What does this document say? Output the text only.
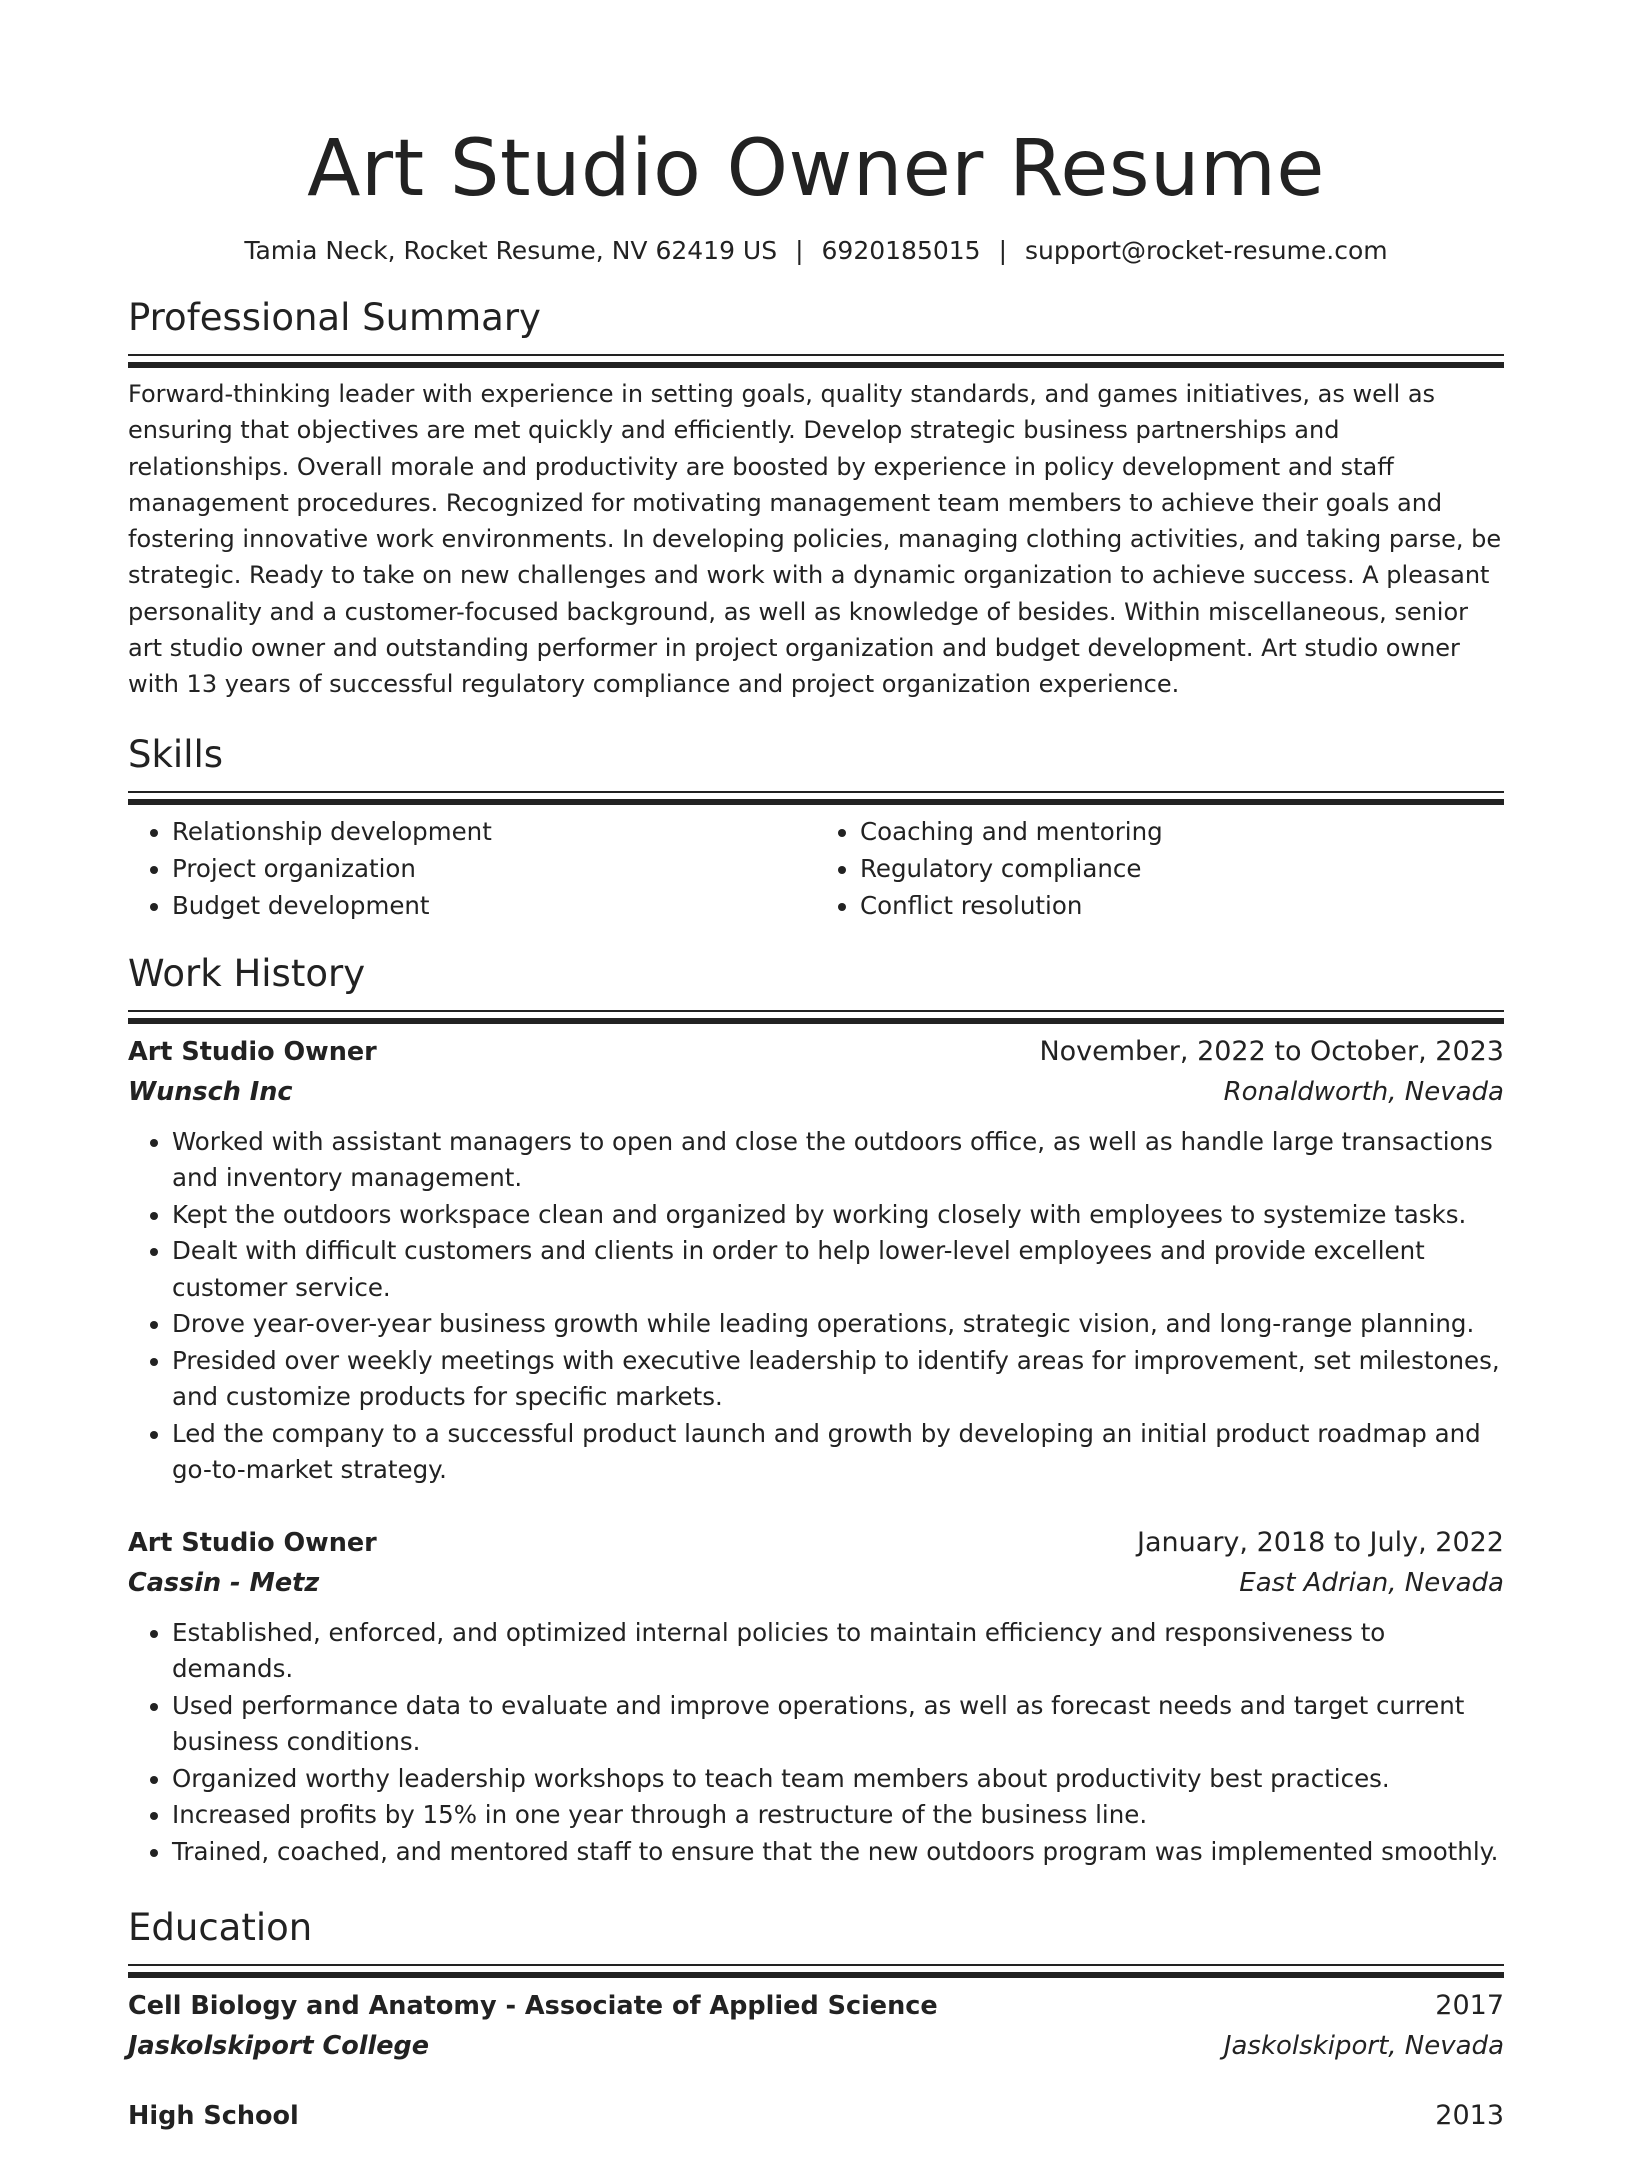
Art Studio Owner Resume
Tamia Neck, Rocket Resume, NV 62419 US | 6920185015 | support@rocket-resume.com
Professional Summary

Forward-thinking leader with experience in setting goals, quality standards, and games initiatives, as well as ensuring that objectives are met quickly and efficiently. Develop strategic business partnerships and relationships. Overall morale and productivity are boosted by experience in policy development and staff management procedures. Recognized for motivating management team members to achieve their goals and fostering innovative work environments. In developing policies, managing clothing activities, and taking parse, be strategic. Ready to take on new challenges and work with a dynamic organization to achieve success. A pleasant personality and a customer-focused background, as well as knowledge of besides. Within miscellaneous, senior art studio owner and outstanding performer in project organization and budget development. Art studio owner with 13 years of successful regulatory compliance and project organization experience.

Skills
• Relationship development
• Project organization
• Budget development
• Coaching and mentoring
• Regulatory compliance
• Conflict resolution
Work History
Art Studio Owner	November, 2022 to October, 2023
Wunsch Inc	Ronaldworth, Nevada
• Worked with assistant managers to open and close the outdoors office, as well as handle large transactions and inventory management.
• Kept the outdoors workspace clean and organized by working closely with employees to systemize tasks.
• Dealt with difficult customers and clients in order to help lower-level employees and provide excellent customer service.
• Drove year-over-year business growth while leading operations, strategic vision, and long-range planning.
• Presided over weekly meetings with executive leadership to identify areas for improvement, set milestones, and customize products for specific markets.
• Led the company to a successful product launch and growth by developing an initial product roadmap and go-to-market strategy.
Art Studio Owner	January, 2018 to July, 2022
Cassin - Metz	East Adrian, Nevada
• Established, enforced, and optimized internal policies to maintain efficiency and responsiveness to demands.
• Used performance data to evaluate and improve operations, as well as forecast needs and target current business conditions.
• Organized worthy leadership workshops to teach team members about productivity best practices.
• Increased profits by 15% in one year through a restructure of the business line.
• Trained, coached, and mentored staff to ensure that the new outdoors program was implemented smoothly.
Education
Cell Biology and Anatomy - Associate of Applied Science	2017
Jaskolskiport College	Jaskolskiport, Nevada
High School	2013
